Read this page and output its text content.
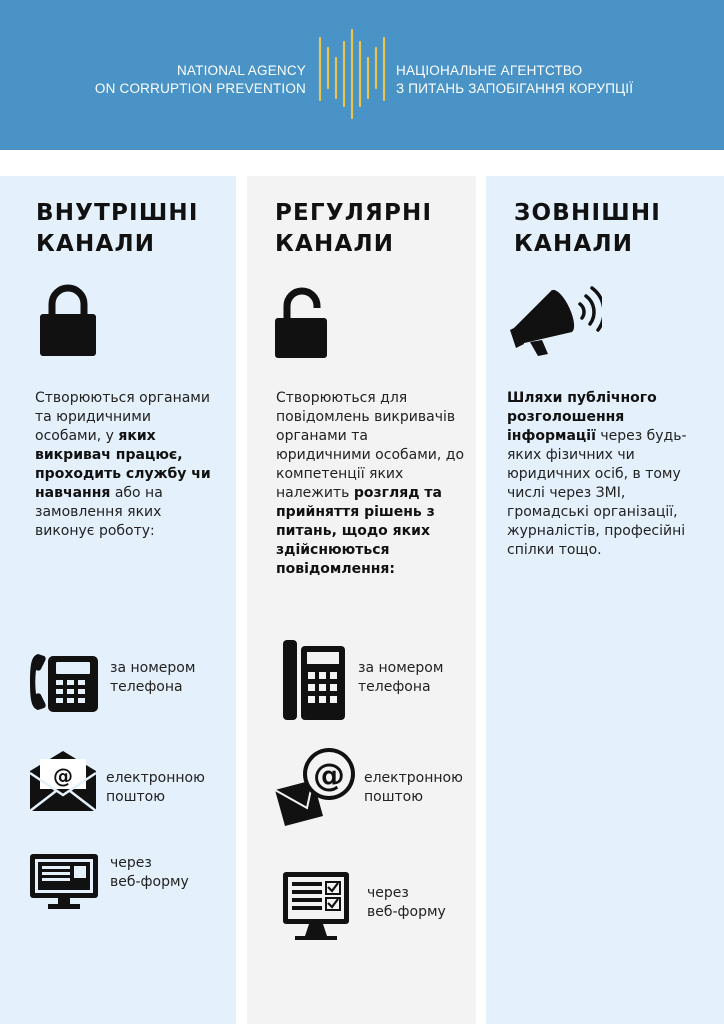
NATIONAL AGENCY
ON CORRUPTION PREVENTION
НАЦІОНАЛЬНЕ АГЕНТСТВО
З ПИТАНЬ ЗАПОБІГАННЯ КОРУПЦІЇ
ВНУТРІШНІ
КАНАЛИ
Створюються органами та юридичними особами, у яких викривач працює, проходить службу чи навчання або на замовлення яких виконує роботу:
за номером
телефона
@ електронною
поштою
через
веб-форму
РЕГУЛЯРНІ
КАНАЛИ
Створюються для повідомлень викривачів органами та юридичними особами, до компетенції яких належить розгляд та прийняття рішень з питань, щодо яких здійснюються повідомлення:
за номером
телефона
@ електронною
поштою
через
веб-форму
ЗОВНІШНІ
КАНАЛИ
Шляхи публічного розголошення інформації через будь-яких фізичних чи юридичних осіб, в тому числі через ЗМІ, громадські організації, журналістів, професійні спілки тощо.
